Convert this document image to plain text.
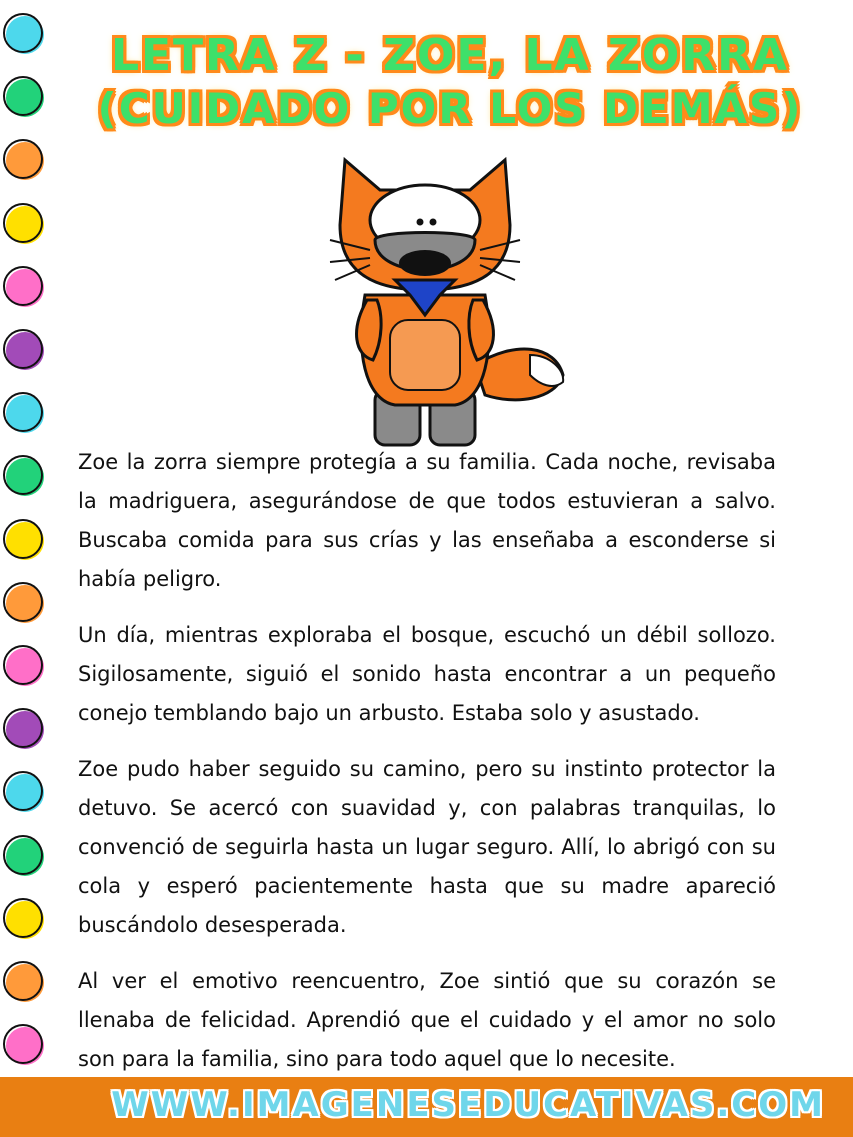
LETRA Z - ZOE, LA ZORRA
(CUIDADO POR LOS DEMÁS)

Zoe la zorra siempre protegía a su familia. Cada noche, revisaba la madriguera, asegurándose de que todos estuvieran a salvo. Buscaba comida para sus crías y las enseñaba a esconderse si había peligro.

Un día, mientras exploraba el bosque, escuchó un débil sollozo. Sigilosamente, siguió el sonido hasta encontrar a un pequeño conejo temblando bajo un arbusto. Estaba solo y asustado.

Zoe pudo haber seguido su camino, pero su instinto protector la detuvo. Se acercó con suavidad y, con palabras tranquilas, lo convenció de seguirla hasta un lugar seguro. Allí, lo abrigó con su cola y esperó pacientemente hasta que su madre apareció buscándolo desesperada.

Al ver el emotivo reencuentro, Zoe sintió que su corazón se llenaba de felicidad. Aprendió que el cuidado y el amor no solo son para la familia, sino para todo aquel que lo necesite.

WWW.IMAGENESEDUCATIVAS.COM
